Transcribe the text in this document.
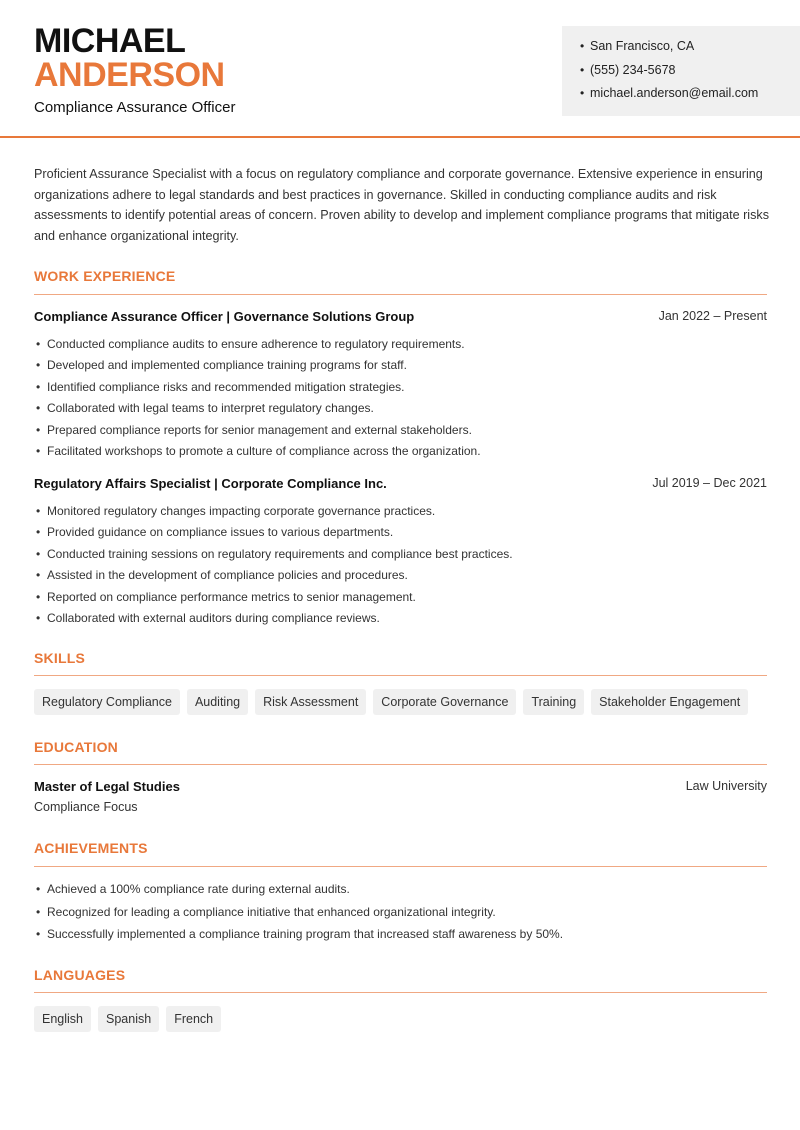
MICHAEL
ANDERSON
Compliance Assurance Officer
• San Francisco, CA
• (555) 234-5678
• michael.anderson@email.com

Proficient Assurance Specialist with a focus on regulatory compliance and corporate governance. Extensive experience in ensuring organizations adhere to legal standards and best practices in governance. Skilled in conducting compliance audits and risk assessments to identify potential areas of concern. Proven ability to develop and implement compliance programs that mitigate risks and enhance organizational integrity.

WORK EXPERIENCE
Compliance Assurance Officer | Governance Solutions Group	Jan 2022 – Present
• Conducted compliance audits to ensure adherence to regulatory requirements.
• Developed and implemented compliance training programs for staff.
• Identified compliance risks and recommended mitigation strategies.
• Collaborated with legal teams to interpret regulatory changes.
• Prepared compliance reports for senior management and external stakeholders.
• Facilitated workshops to promote a culture of compliance across the organization.
Regulatory Affairs Specialist | Corporate Compliance Inc.	Jul 2019 – Dec 2021
• Monitored regulatory changes impacting corporate governance practices.
• Provided guidance on compliance issues to various departments.
• Conducted training sessions on regulatory requirements and compliance best practices.
• Assisted in the development of compliance policies and procedures.
• Reported on compliance performance metrics to senior management.
• Collaborated with external auditors during compliance reviews.
SKILLS
Regulatory Compliance	Auditing	Risk Assessment	Corporate Governance	Training	Stakeholder Engagement
EDUCATION
Master of Legal Studies	Law University
Compliance Focus
ACHIEVEMENTS
• Achieved a 100% compliance rate during external audits.
• Recognized for leading a compliance initiative that enhanced organizational integrity.
• Successfully implemented a compliance training program that increased staff awareness by 50%.
LANGUAGES
English	Spanish	French
